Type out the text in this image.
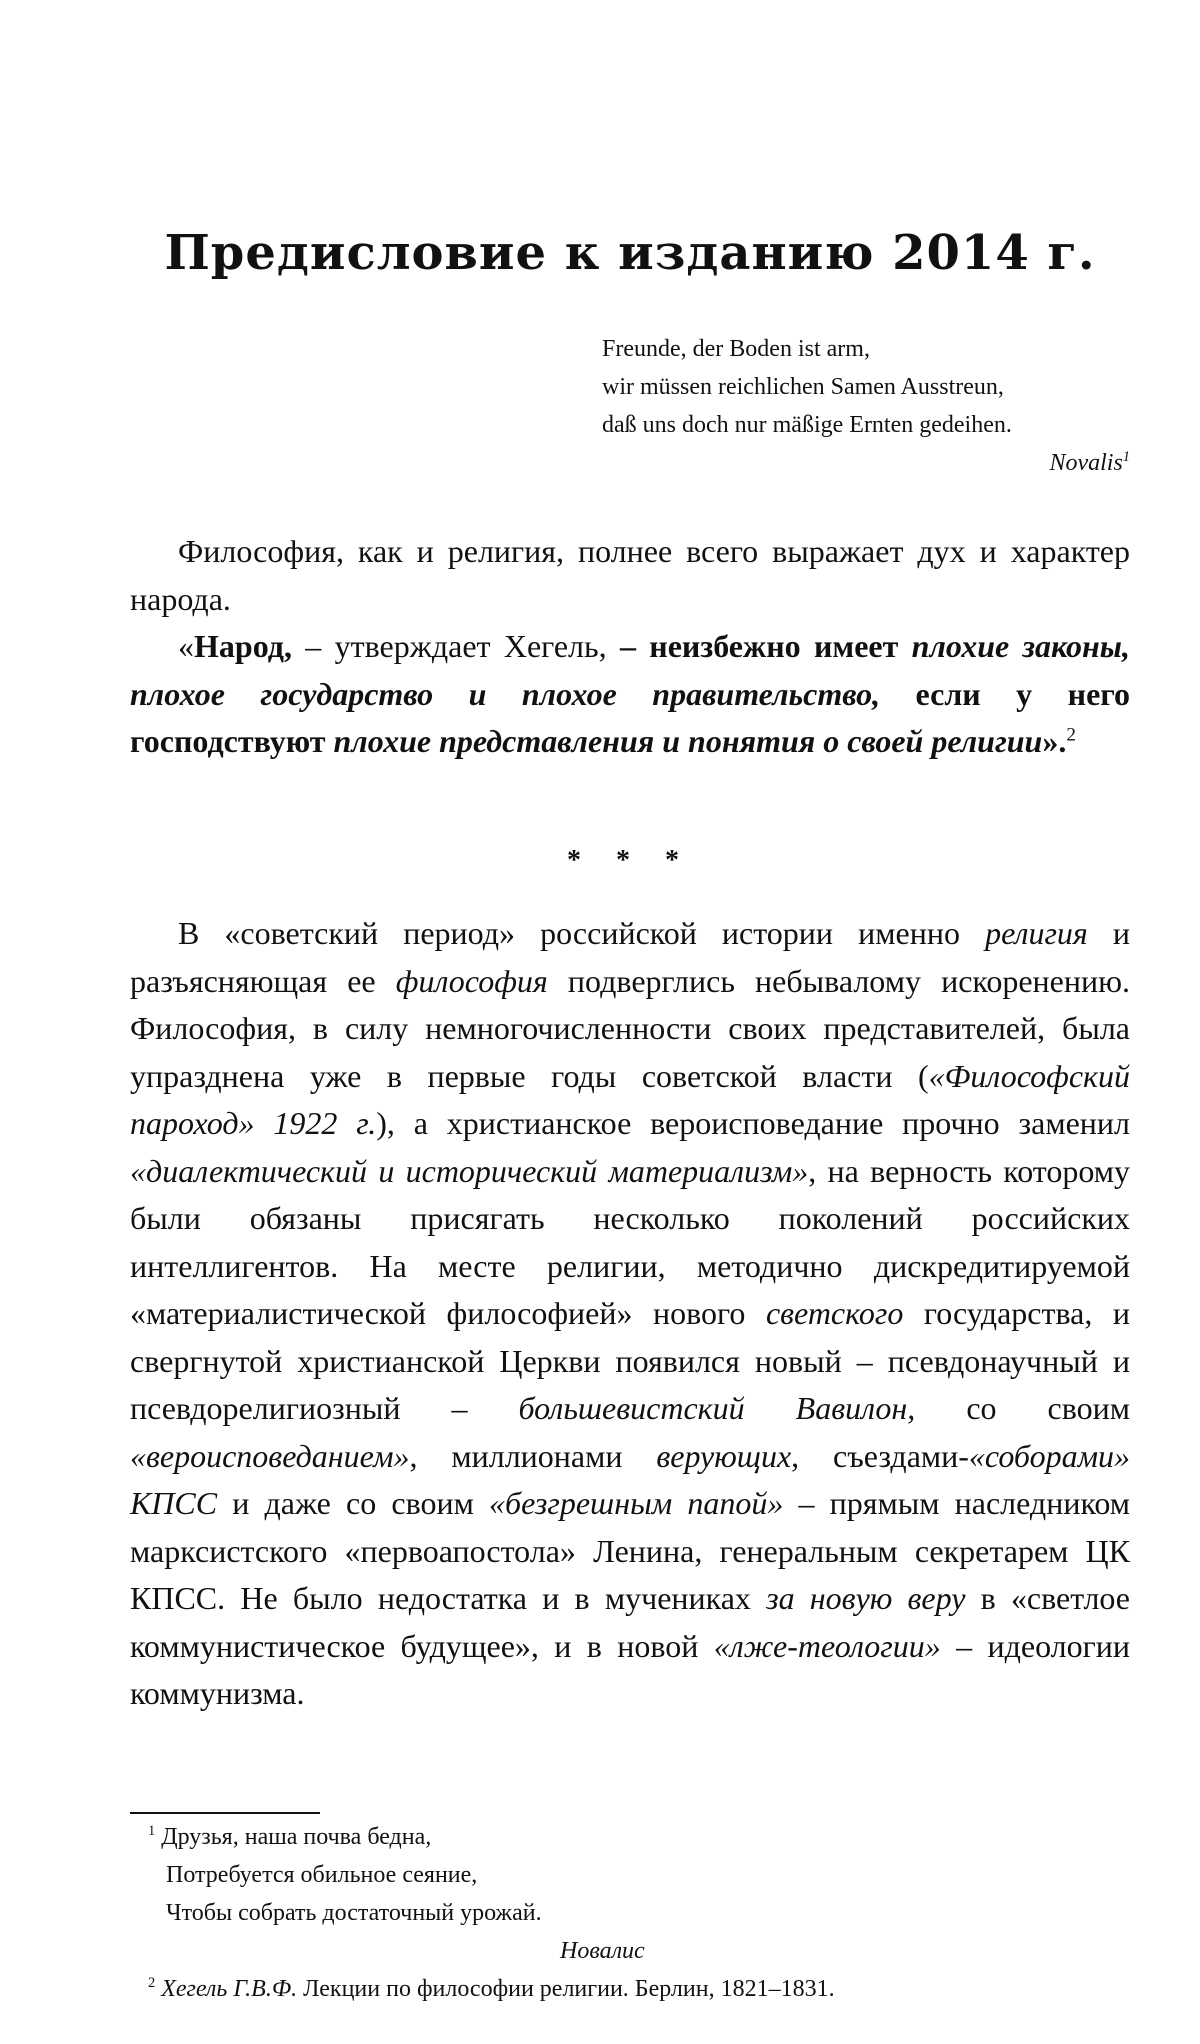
Предисловие к изданию 2014 г.
Freunde, der Boden ist arm,
wir müssen reichlichen Samen Ausstreun,
daß uns doch nur mäßige Ernten gedeihen.
Novalis$^1$
Философия, как и религия, полнее всего выражает дух и характер народа.
«Народ, – утверждает Хегель, – неизбежно имеет плохие законы, плохое государство и плохое правительство, если у него господствуют плохие представления и понятия о своей религии».$^2$
* * *
В «советский период» российской истории именно религия и разъясняющая ее философия подверглись небывалому искоренению. Философия, в силу немногочисленности своих представителей, была упразднена уже в первые годы советской власти («Философский пароход» 1922 г.), а христианское вероисповедание прочно заменил «диалектический и исторический материализм», на верность которому были обязаны присягать несколько поколений российских интеллигентов. На месте религии, методично дискредитируемой «материалистической философией» нового светского государства, и свергнутой христианской Церкви появился новый – псевдонаучный и псевдорелигиозный – большевистский Вавилон, со своим «вероисповеданием», миллионами верующих, съездами-«соборами» КПСС и даже со своим «безгрешным папой» – прямым наследником марксистского «первоапостола» Ленина, генеральным секретарем ЦК КПСС. Не было недостатка и в мучениках за новую веру в «светлое коммунистическое будущее», и в новой «лже-теологии» – идеологии коммунизма.
$^1$ Друзья, наша почва бедна,
Потребуется обильное сеяние,
Чтобы собрать достаточный урожай.
Новалис
$^2$ Хегель Г.В.Ф. Лекции по философии религии. Берлин, 1821–1831.
